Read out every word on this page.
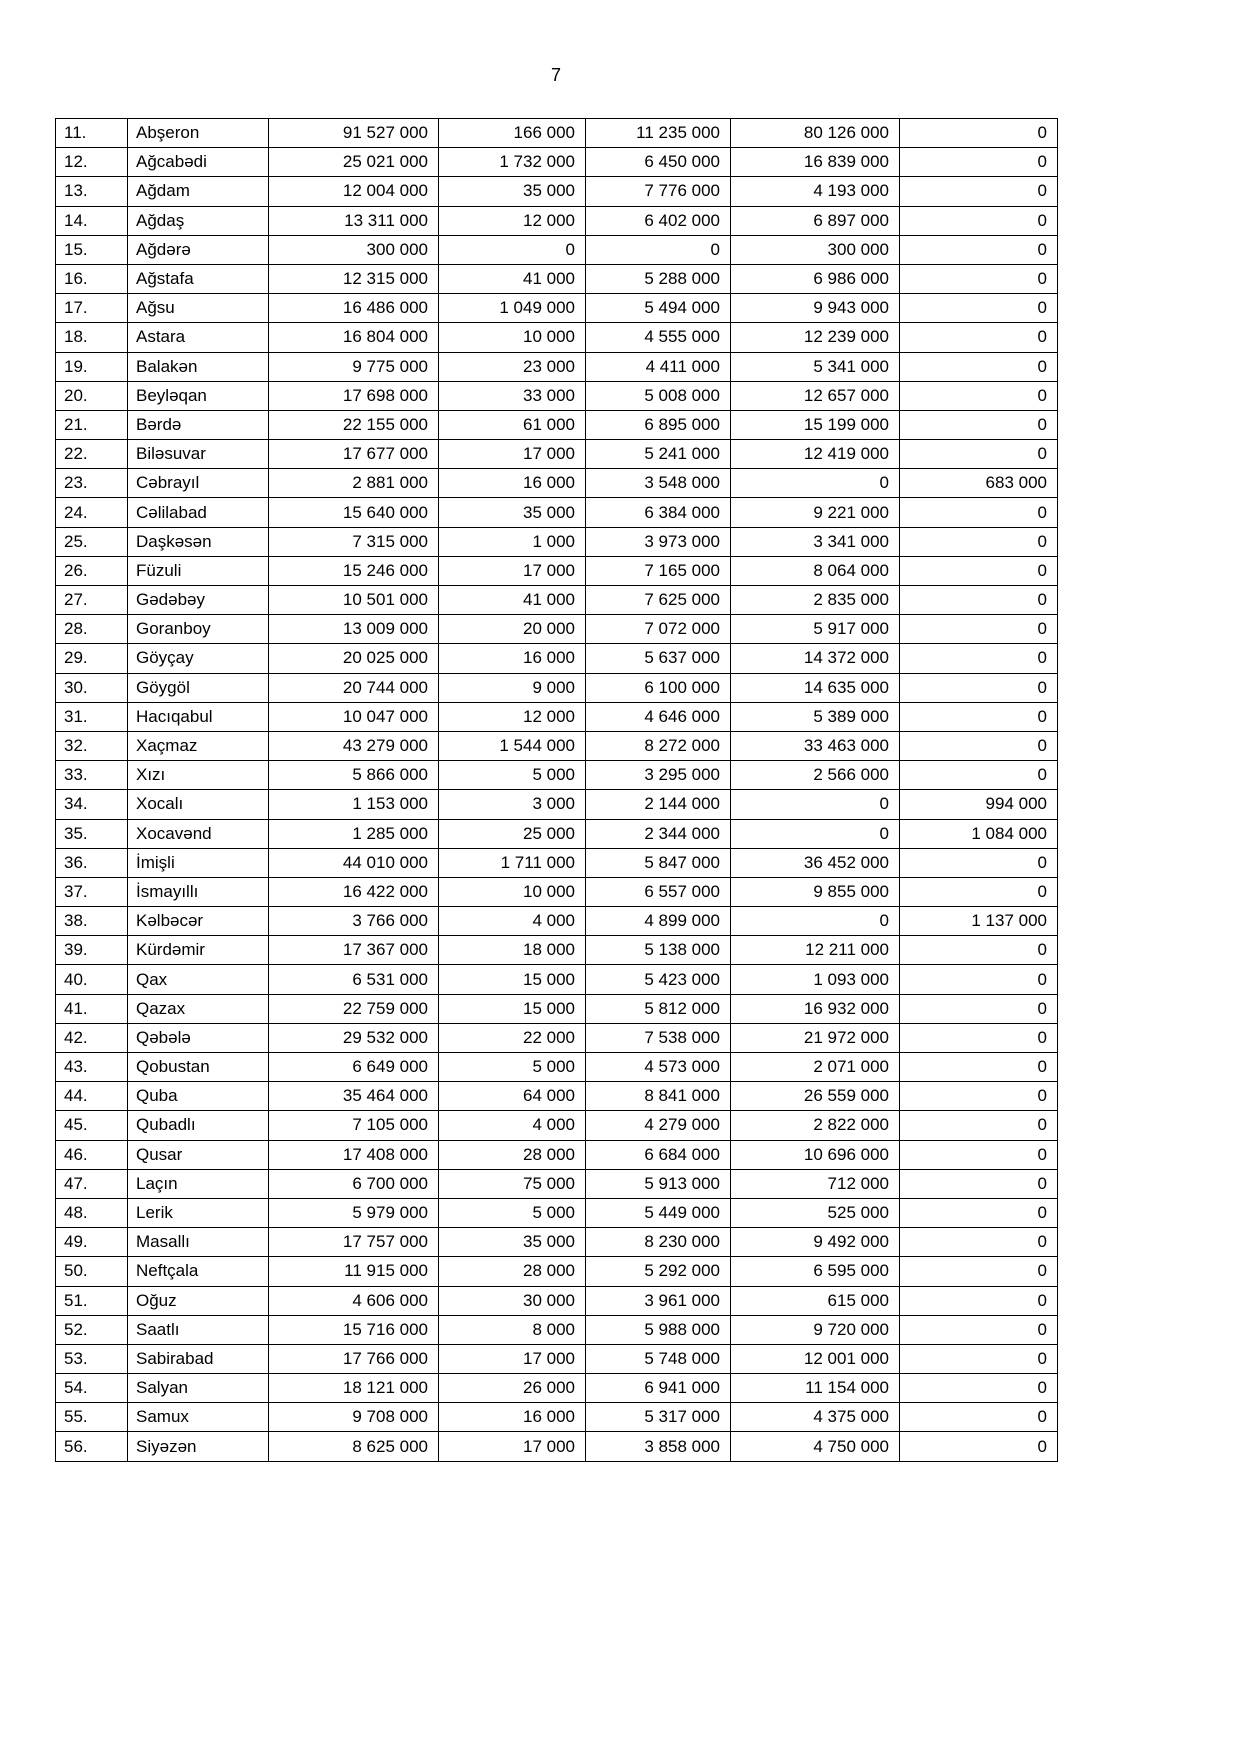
7
11.	Abşeron	91 527 000	166 000	11 235 000	80 126 000	0
12.	Ağcabədi	25 021 000	1 732 000	6 450 000	16 839 000	0
13.	Ağdam	12 004 000	35 000	7 776 000	4 193 000	0
14.	Ağdaş	13 311 000	12 000	6 402 000	6 897 000	0
15.	Ağdərə	300 000	0	0	300 000	0
16.	Ağstafa	12 315 000	41 000	5 288 000	6 986 000	0
17.	Ağsu	16 486 000	1 049 000	5 494 000	9 943 000	0
18.	Astara	16 804 000	10 000	4 555 000	12 239 000	0
19.	Balakən	9 775 000	23 000	4 411 000	5 341 000	0
20.	Beyləqan	17 698 000	33 000	5 008 000	12 657 000	0
21.	Bərdə	22 155 000	61 000	6 895 000	15 199 000	0
22.	Biləsuvar	17 677 000	17 000	5 241 000	12 419 000	0
23.	Cəbrayıl	2 881 000	16 000	3 548 000	0	683 000
24.	Cəlilabad	15 640 000	35 000	6 384 000	9 221 000	0
25.	Daşkəsən	7 315 000	1 000	3 973 000	3 341 000	0
26.	Füzuli	15 246 000	17 000	7 165 000	8 064 000	0
27.	Gədəbəy	10 501 000	41 000	7 625 000	2 835 000	0
28.	Goranboy	13 009 000	20 000	7 072 000	5 917 000	0
29.	Göyçay	20 025 000	16 000	5 637 000	14 372 000	0
30.	Göygöl	20 744 000	9 000	6 100 000	14 635 000	0
31.	Hacıqabul	10 047 000	12 000	4 646 000	5 389 000	0
32.	Xaçmaz	43 279 000	1 544 000	8 272 000	33 463 000	0
33.	Xızı	5 866 000	5 000	3 295 000	2 566 000	0
34.	Xocalı	1 153 000	3 000	2 144 000	0	994 000
35.	Xocavənd	1 285 000	25 000	2 344 000	0	1 084 000
36.	İmişli	44 010 000	1 711 000	5 847 000	36 452 000	0
37.	İsmayıllı	16 422 000	10 000	6 557 000	9 855 000	0
38.	Kəlbəcər	3 766 000	4 000	4 899 000	0	1 137 000
39.	Kürdəmir	17 367 000	18 000	5 138 000	12 211 000	0
40.	Qax	6 531 000	15 000	5 423 000	1 093 000	0
41.	Qazax	22 759 000	15 000	5 812 000	16 932 000	0
42.	Qəbələ	29 532 000	22 000	7 538 000	21 972 000	0
43.	Qobustan	6 649 000	5 000	4 573 000	2 071 000	0
44.	Quba	35 464 000	64 000	8 841 000	26 559 000	0
45.	Qubadlı	7 105 000	4 000	4 279 000	2 822 000	0
46.	Qusar	17 408 000	28 000	6 684 000	10 696 000	0
47.	Laçın	6 700 000	75 000	5 913 000	712 000	0
48.	Lerik	5 979 000	5 000	5 449 000	525 000	0
49.	Masallı	17 757 000	35 000	8 230 000	9 492 000	0
50.	Neftçala	11 915 000	28 000	5 292 000	6 595 000	0
51.	Oğuz	4 606 000	30 000	3 961 000	615 000	0
52.	Saatlı	15 716 000	8 000	5 988 000	9 720 000	0
53.	Sabirabad	17 766 000	17 000	5 748 000	12 001 000	0
54.	Salyan	18 121 000	26 000	6 941 000	11 154 000	0
55.	Samux	9 708 000	16 000	5 317 000	4 375 000	0
56.	Siyəzən	8 625 000	17 000	3 858 000	4 750 000	0
